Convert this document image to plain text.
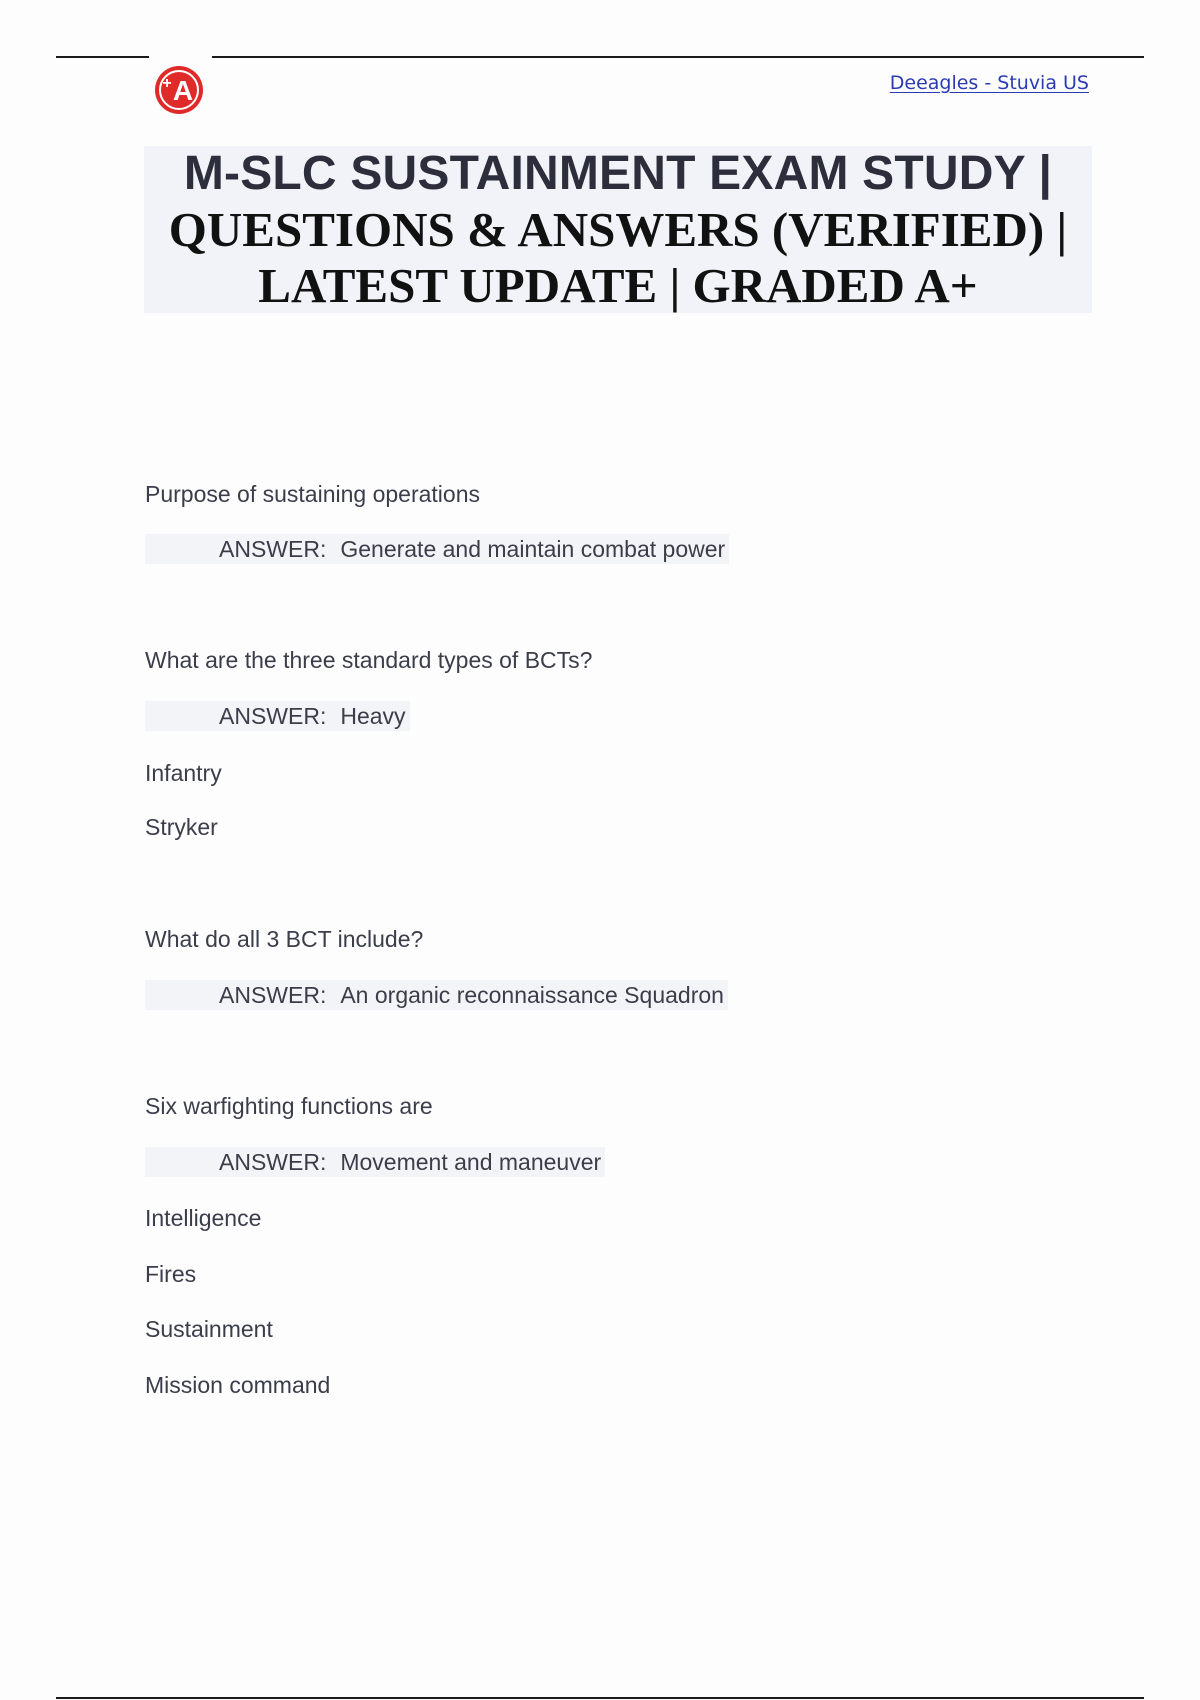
A
+	Deeagles - Stuvia US
M-SLC SUSTAINMENT EXAM STUDY |
QUESTIONS & ANSWERS (VERIFIED) |
LATEST UPDATE | GRADED A+
Purpose of sustaining operations
ANSWER: Generate and maintain combat power
What are the three standard types of BCTs?
ANSWER: Heavy
Infantry
Stryker
What do all 3 BCT include?
ANSWER: An organic reconnaissance Squadron
Six warfighting functions are
ANSWER: Movement and maneuver
Intelligence
Fires
Sustainment
Mission command
